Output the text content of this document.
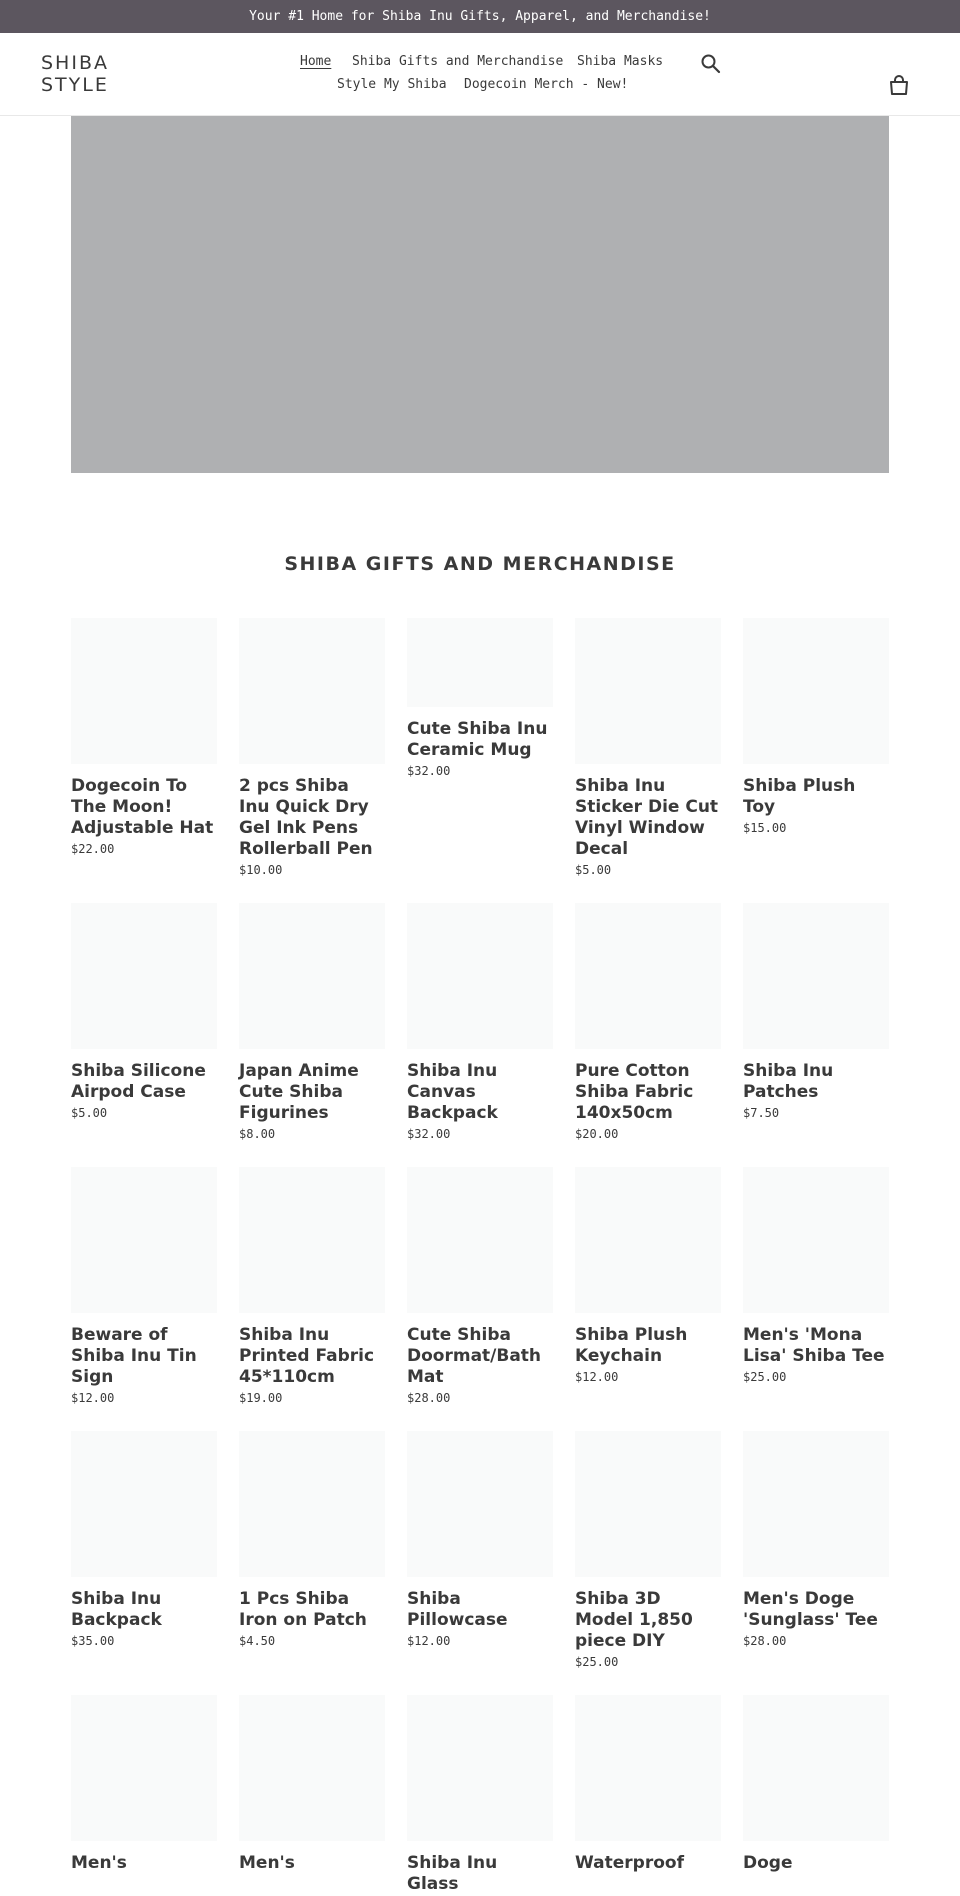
Your #1 Home for Shiba Inu Gifts, Apparel, and Merchandise!
SHIBA
STYLE
Home Shiba Gifts and Merchandise Shiba Masks
Style My Shiba Dogecoin Merch - New!
SHIBA GIFTS AND MERCHANDISE
Dogecoin To The Moon! Adjustable Hat
$22.00
2 pcs Shiba Inu Quick Dry Gel Ink Pens Rollerball Pen
$10.00
Cute Shiba Inu Ceramic Mug
$32.00
Shiba Inu Sticker Die Cut Vinyl Window Decal
$5.00
Shiba Plush Toy
$15.00
Shiba Silicone Airpod Case
$5.00
Japan Anime Cute Shiba Figurines
$8.00
Shiba Inu Canvas Backpack
$32.00
Pure Cotton Shiba Fabric 140x50cm
$20.00
Shiba Inu Patches
$7.50
Beware of Shiba Inu Tin Sign
$12.00
Shiba Inu Printed Fabric 45*110cm
$19.00
Cute Shiba Doormat/Bath Mat
$28.00
Shiba Plush Keychain
$12.00
Men's 'Mona Lisa' Shiba Tee
$25.00
Shiba Inu Backpack
$35.00
1 Pcs Shiba Iron on Patch
$4.50
Shiba Pillowcase
$12.00
Shiba 3D Model 1,850 piece DIY
$25.00
Men's Doge 'Sunglass' Tee
$28.00
Men's	Men's	Shiba Inu Glass
Waterproof	Doge
